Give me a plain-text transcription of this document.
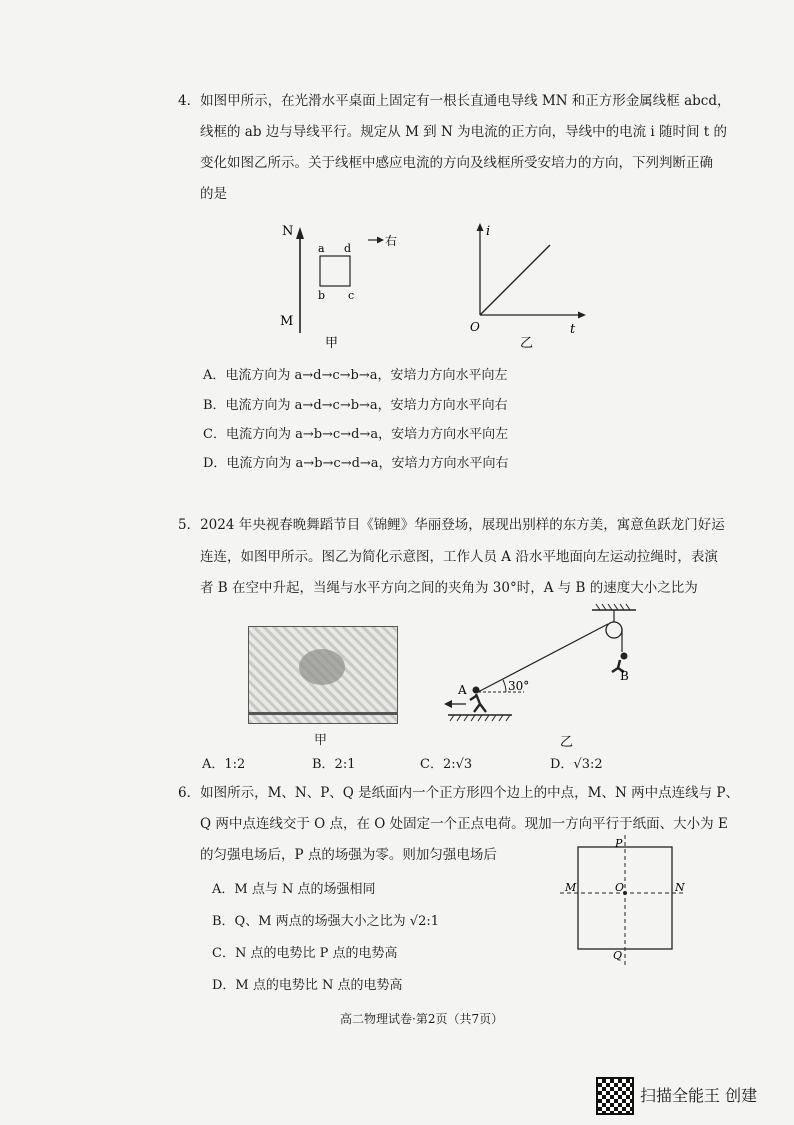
4．如图甲所示，在光滑水平桌面上固定有一根长直通电导线 MN 和正方形金属线框 abcd，
线框的 ab 边与导线平行。规定从 M 到 N 为电流的正方向，导线中的电流 i 随时间 t 的
变化如图乙所示。关于线框中感应电流的方向及线框所受安培力的方向，下列判断正确
的是
N
M
a d
b c
右
甲
i
t
O
乙
A．电流方向为 a→d→c→b→a，安培力方向水平向左
B．电流方向为 a→d→c→b→a，安培力方向水平向右
C．电流方向为 a→b→c→d→a，安培力方向水平向左
D．电流方向为 a→b→c→d→a，安培力方向水平向右
5．2024 年央视春晚舞蹈节目《锦鲤》华丽登场，展现出别样的东方美，寓意鱼跃龙门好运
连连，如图甲所示。图乙为简化示意图，工作人员 A 沿水平地面向左运动拉绳时，表演
者 B 在空中升起，当绳与水平方向之间的夹角为 30°时，A 与 B 的速度大小之比为
甲
B
A	30°
乙
A．1:2	B．2:1	C．2:√3	D．√3:2
6．如图所示，M、N、P、Q 是纸面内一个正方形四个边上的中点，M、N 两中点连线与 P、
Q 两中点连线交于 O 点，在 O 处固定一个正点电荷。现加一方向平行于纸面、大小为 E
的匀强电场后，P 点的场强为零。则加匀强电场后
A．M 点与 N 点的场强相同
B．Q、M 两点的场强大小之比为 √2:1
C．N 点的电势比 P 点的电势高
D．M 点的电势比 N 点的电势高
P
Q
M	N
O
高二物理试卷·第2页（共7页）
扫描全能王 创建
